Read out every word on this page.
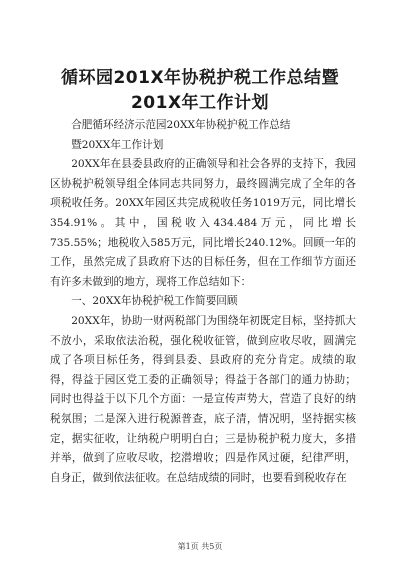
循环园201X年协税护税工作总结暨201X年工作计划

合肥循环经济示范园20XX年协税护税工作总结

暨20XX年工作计划

20XX年在县委县政府的正确领导和社会各界的支持下，我园区协税护税领导组全体同志共同努力，最终圆满完成了全年的各项税收任务。20XX年园区共完成税收任务1019万元，同比增长354.91%。其中，国税收入434.484万元，同比增长735.55%；地税收入585万元，同比增长240.12%。回顾一年的工作，虽然完成了县政府下达的目标任务，但在工作细节方面还有许多未做到的地方，现将工作总结如下：

一、20XX年协税护税工作简要回顾

20XX年，协助一财两税部门为围绕年初既定目标，坚持抓大不放小，采取依法治税，强化税收征管，做到应收尽收，圆满完成了各项目标任务，得到县委、县政府的充分肯定。成绩的取得，得益于园区党工委的正确领导；得益于各部门的通力协助；同时也得益于以下几个方面：一是宣传声势大，营造了良好的纳税氛围；二是深入进行税源普查，底子清，情况明，坚持据实核定，据实征收，让纳税户明明白白；三是协税护税力度大，多措并举，做到了应收尽收，挖潜增收；四是作风过硬，纪律严明，自身正，做到依法征收。在总结成绩的同时，也要看到税收存在

第1页 共5页
